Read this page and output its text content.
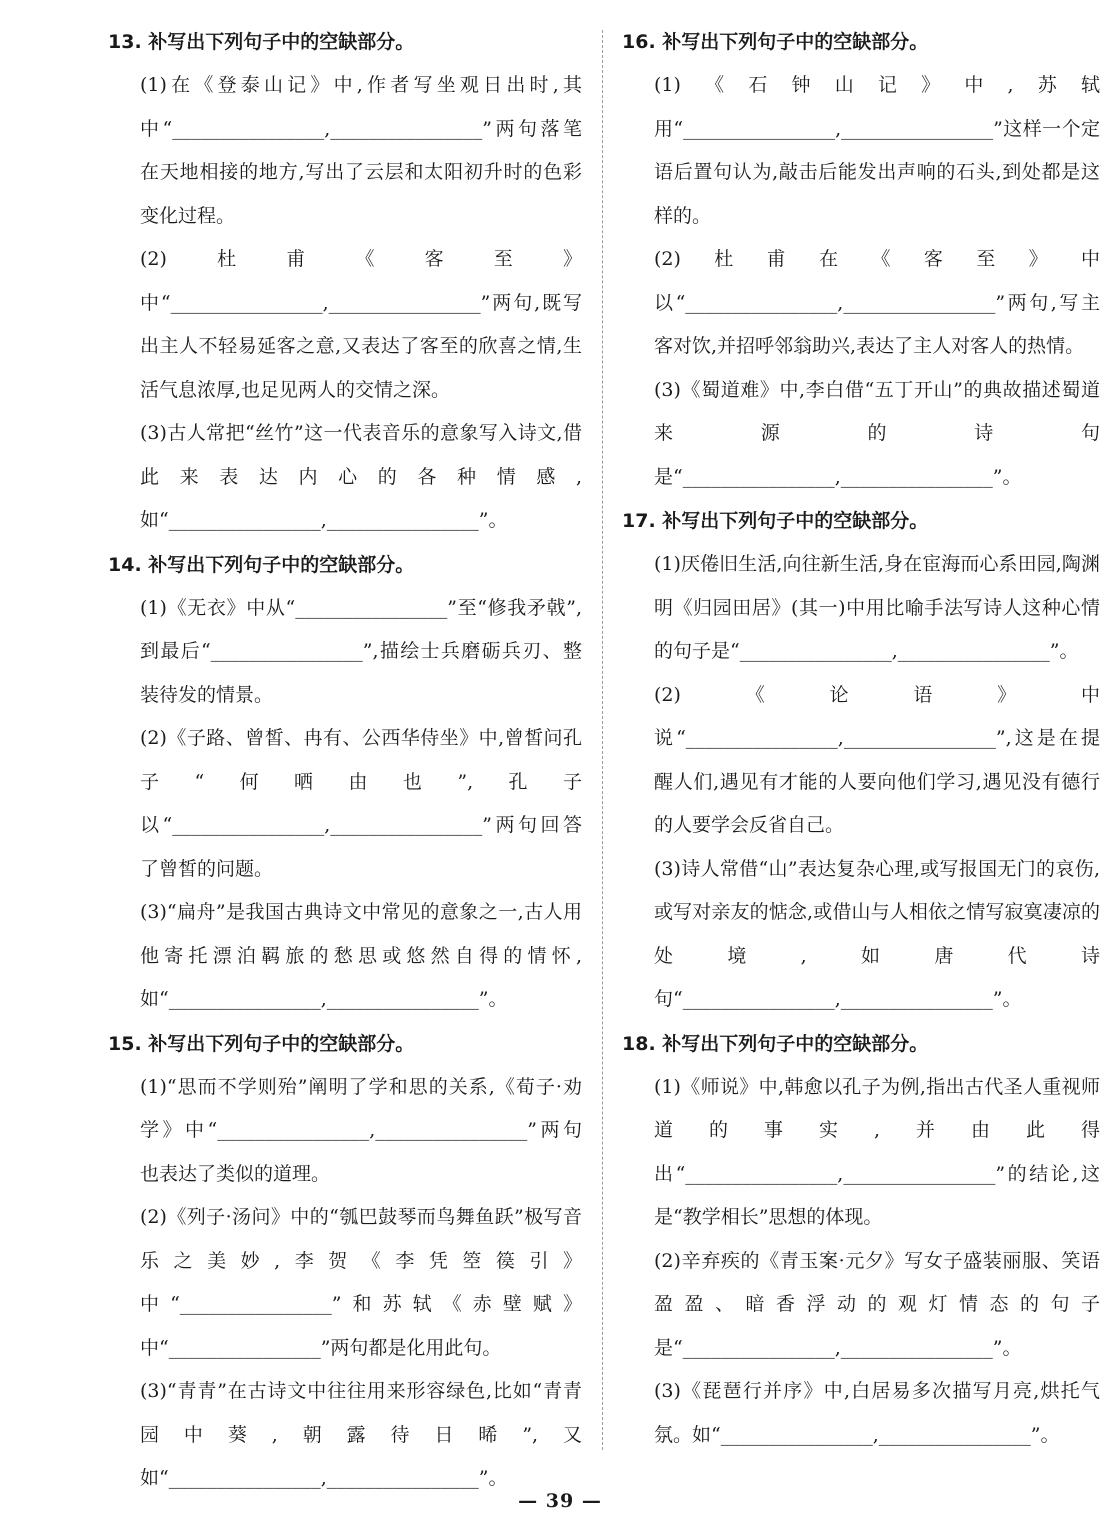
13. 补写出下列句子中的空缺部分。
(1)在《登泰山记》中,作者写坐观日出时,其中“________________,________________”两句落笔在天地相接的地方,写出了云层和太阳初升时的色彩变化过程。
(2)杜甫《客至》中“________________,________________”两句,既写出主人不轻易延客之意,又表达了客至的欣喜之情,生活气息浓厚,也足见两人的交情之深。
(3)古人常把“丝竹”这一代表音乐的意象写入诗文,借此来表达内心的各种情感,如“________________,________________”。
14. 补写出下列句子中的空缺部分。
(1)《无衣》中从“________________”至“修我矛戟”,到最后“________________”,描绘士兵磨砺兵刃、整装待发的情景。
(2)《子路、曾皙、冉有、公西华侍坐》中,曾皙问孔子“何哂由也”,孔子以“________________,________________”两句回答了曾皙的问题。
(3)“扁舟”是我国古典诗文中常见的意象之一,古人用他寄托漂泊羁旅的愁思或悠然自得的情怀,如“________________,________________”。
15. 补写出下列句子中的空缺部分。
(1)“思而不学则殆”阐明了学和思的关系,《荀子·劝学》中“________________,________________”两句也表达了类似的道理。
(2)《列子·汤问》中的“瓠巴鼓琴而鸟舞鱼跃”极写音乐之美妙,李贺《李凭箜篌引》中“________________”和苏轼《赤壁赋》中“________________”两句都是化用此句。
(3)“青青”在古诗文中往往用来形容绿色,比如“青青园中葵,朝露待日晞”,又如“________________,________________”。
16. 补写出下列句子中的空缺部分。
(1)《石钟山记》中,苏轼用“________________,________________”这样一个定语后置句认为,敲击后能发出声响的石头,到处都是这样的。
(2)杜甫在《客至》中以“________________,________________”两句,写主客对饮,并招呼邻翁助兴,表达了主人对客人的热情。
(3)《蜀道难》中,李白借“五丁开山”的典故描述蜀道来源的诗句是“________________,________________”。
17. 补写出下列句子中的空缺部分。
(1)厌倦旧生活,向往新生活,身在宦海而心系田园,陶渊明《归园田居》(其一)中用比喻手法写诗人这种心情的句子是“________________,________________”。
(2)《论语》中说“________________,________________”,这是在提醒人们,遇见有才能的人要向他们学习,遇见没有德行的人要学会反省自己。
(3)诗人常借“山”表达复杂心理,或写报国无门的哀伤,或写对亲友的惦念,或借山与人相依之情写寂寞凄凉的处境,如唐代诗句“________________,________________”。
18. 补写出下列句子中的空缺部分。
(1)《师说》中,韩愈以孔子为例,指出古代圣人重视师道的事实,并由此得出“________________,________________”的结论,这是“教学相长”思想的体现。
(2)辛弃疾的《青玉案·元夕》写女子盛装丽服、笑语盈盈、暗香浮动的观灯情态的句子是“________________,________________”。
(3)《琵琶行并序》中,白居易多次描写月亮,烘托气氛。如“________________,________________”。
— 39 —
